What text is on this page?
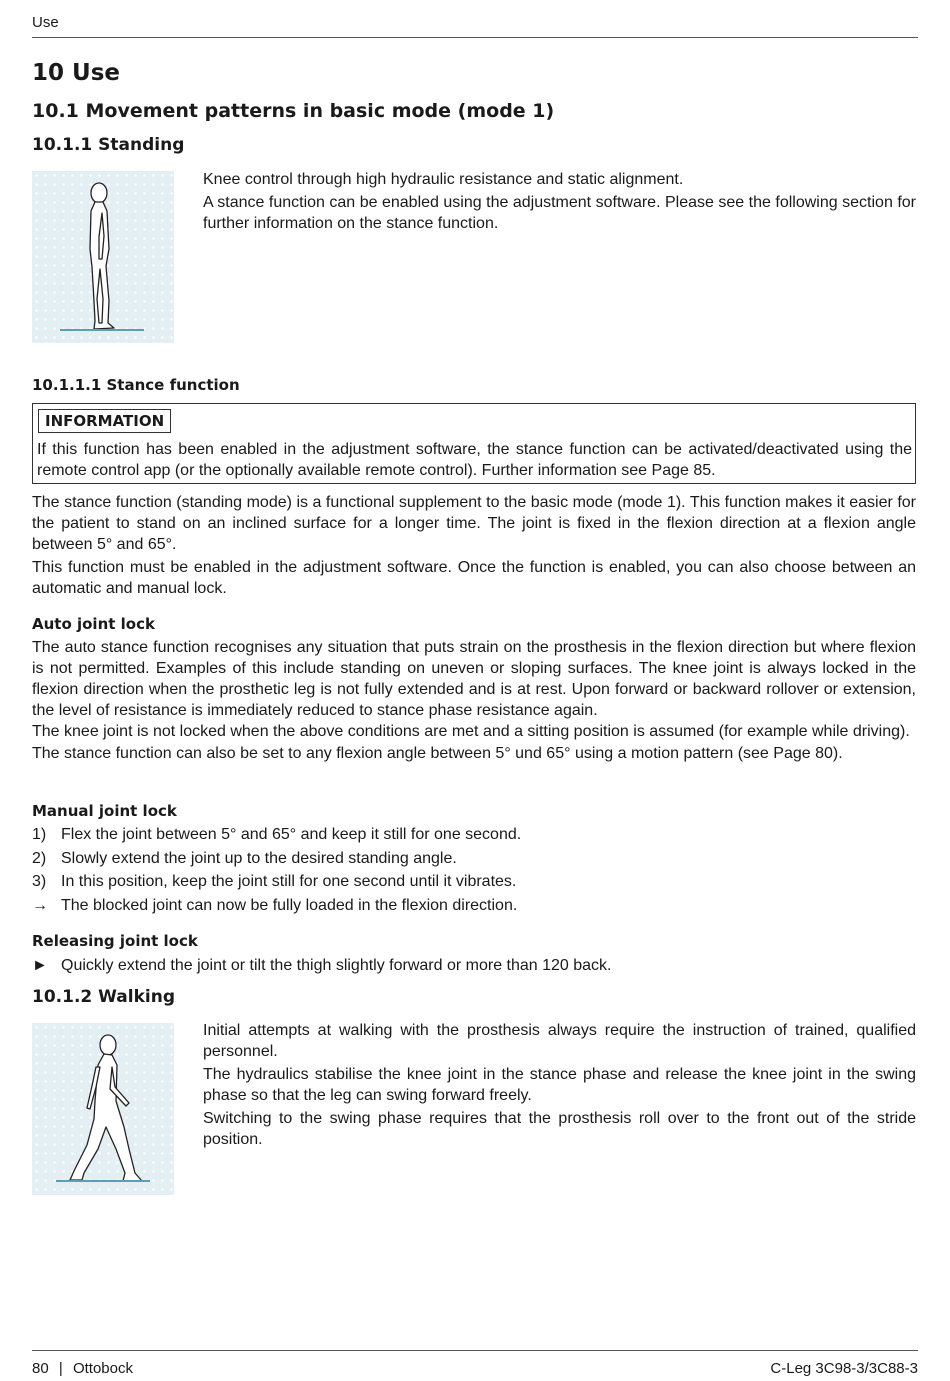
Use
10 Use
10.1 Movement patterns in basic mode (mode 1)
10.1.1 Standing

Knee control through high hydraulic resistance and static alignment.

A stance function can be enabled using the adjustment software. Please see the following section for further information on the stance function.

10.1.1.1 Stance function
INFORMATION

If this function has been enabled in the adjustment software, the stance function can be activated/deactivated using the remote control app (or the optionally available remote control). Further information see Page 85.

The stance function (standing mode) is a functional supplement to the basic mode (mode 1). This function makes it easier for the patient to stand on an inclined surface for a longer time. The joint is fixed in the flexion direction at a flexion angle between 5° and 65°.

This function must be enabled in the adjustment software. Once the function is enabled, you can also choose between an automatic and manual lock.

Auto joint lock

The auto stance function recognises any situation that puts strain on the prosthesis in the flexion direction but where flexion is not permitted. Examples of this include standing on uneven or sloping surfaces. The knee joint is always locked in the flexion direction when the prosthetic leg is not fully extended and is at rest. Upon forward or backward rollover or extension, the level of resistance is immediately reduced to stance phase resistance again.

The knee joint is not locked when the above conditions are met and a sitting position is assumed (for example while driving).

The stance function can also be set to any flexion angle between 5° und 65° using a motion pattern (see Page 80).

Manual joint lock
1) Flex the joint between 5° and 65° and keep it still for one second.
2) Slowly extend the joint up to the desired standing angle.
3) In this position, keep the joint still for one second until it vibrates.
→ The blocked joint can now be fully loaded in the flexion direction.
Releasing joint lock
► Quickly extend the joint or tilt the thigh slightly forward or more than 120 back.
10.1.2 Walking

Initial attempts at walking with the prosthesis always require the instruction of trained, qualified personnel.

The hydraulics stabilise the knee joint in the stance phase and release the knee joint in the swing phase so that the leg can swing forward freely.

Switching to the swing phase requires that the prosthesis roll over to the front out of the stride position.

80 | Ottobock	C-Leg 3C98-3/3C88-3
